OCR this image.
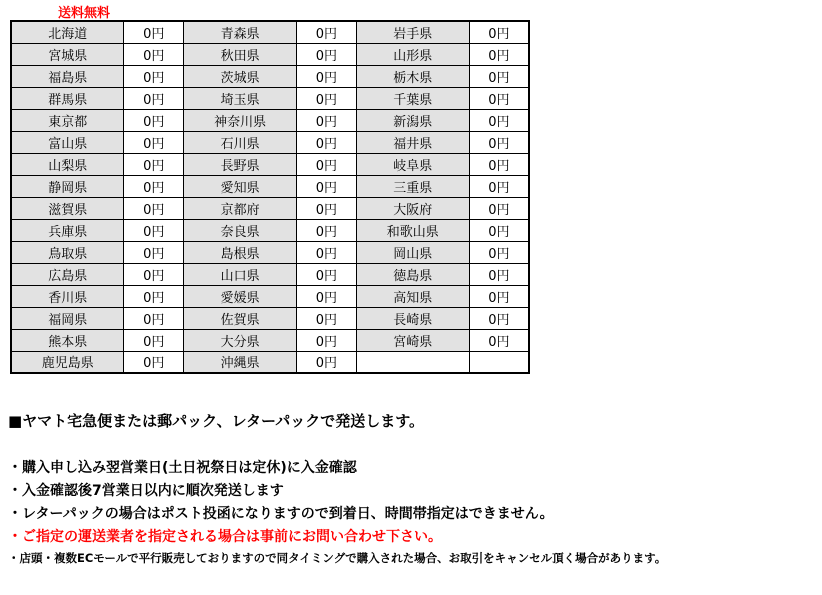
送料無料
北海道	0円	青森県	0円	岩手県	0円
宮城県	0円	秋田県	0円	山形県	0円
福島県	0円	茨城県	0円	栃木県	0円
群馬県	0円	埼玉県	0円	千葉県	0円
東京都	0円	神奈川県	0円	新潟県	0円
富山県	0円	石川県	0円	福井県	0円
山梨県	0円	長野県	0円	岐阜県	0円
静岡県	0円	愛知県	0円	三重県	0円
滋賀県	0円	京都府	0円	大阪府	0円
兵庫県	0円	奈良県	0円	和歌山県	0円
鳥取県	0円	島根県	0円	岡山県	0円
広島県	0円	山口県	0円	徳島県	0円
香川県	0円	愛媛県	0円	高知県	0円
福岡県	0円	佐賀県	0円	長崎県	0円
熊本県	0円	大分県	0円	宮崎県	0円
鹿児島県	0円	沖縄県	0円		

■ヤマト宅急便または郵パック、レターパックで発送します。

・購入申し込み翌営業日(土日祝祭日は定休)に入金確認
・入金確認後7営業日以内に順次発送します
・レターパックの場合はポスト投函になりますので到着日、時間帯指定はできません。
・ご指定の運送業者を指定される場合は事前にお問い合わせ下さい。
・店頭・複数ECモールで平行販売しておりますので同タイミングで購入された場合、お取引をキャンセル頂く場合があります。
